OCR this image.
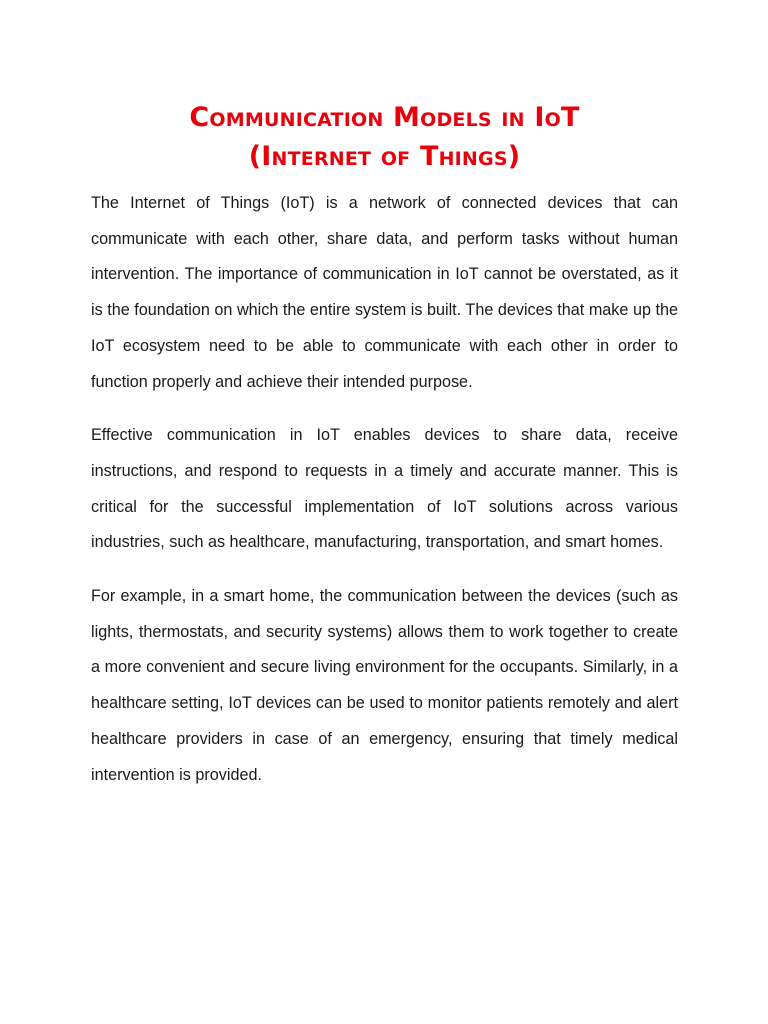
Communication Models in IoT
(Internet of Things)

The Internet of Things (IoT) is a network of connected devices that can communicate with each other, share data, and perform tasks without human intervention. The importance of communication in IoT cannot be overstated, as it is the foundation on which the entire system is built. The devices that make up the IoT ecosystem need to be able to communicate with each other in order to function properly and achieve their intended purpose.

Effective communication in IoT enables devices to share data, receive instructions, and respond to requests in a timely and accurate manner. This is critical for the successful implementation of IoT solutions across various industries, such as healthcare, manufacturing, transportation, and smart homes.

For example, in a smart home, the communication between the devices (such as lights, thermostats, and security systems) allows them to work together to create a more convenient and secure living environment for the occupants. Similarly, in a healthcare setting, IoT devices can be used to monitor patients remotely and alert healthcare providers in case of an emergency, ensuring that timely medical intervention is provided.
